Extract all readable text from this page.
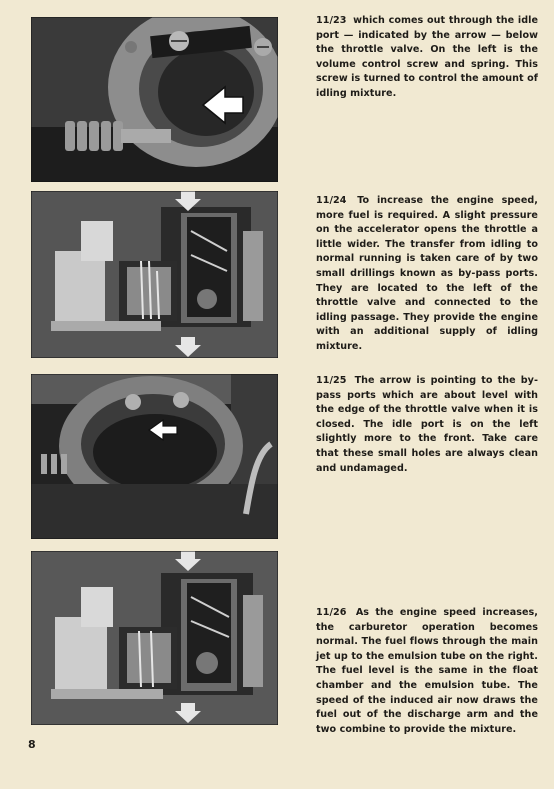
11/23 which comes out through the idle port — indicated by the arrow — below the throttle valve. On the left is the volume control screw and spring. This screw is turned to control the amount of idling mixture.

11/24 To increase the engine speed, more fuel is required. A slight pressure on the accelerator opens the throttle a little wider. The transfer from idling to normal running is taken care of by two small drillings known as by-pass ports. They are located to the left of the throttle valve and connected to the idling passage. They provide the engine with an additional supply of idling mixture.

11/25 The arrow is pointing to the by-pass ports which are about level with the edge of the throttle valve when it is closed. The idle port is on the left slightly more to the front. Take care that these small holes are always clean and undamaged.

11/26 As the engine speed increases, the carburetor operation becomes normal. The fuel flows through the main jet up to the emulsion tube on the right. The fuel level is the same in the float chamber and the emulsion tube. The speed of the induced air now draws the fuel out of the discharge arm and the two combine to provide the mixture.

8
